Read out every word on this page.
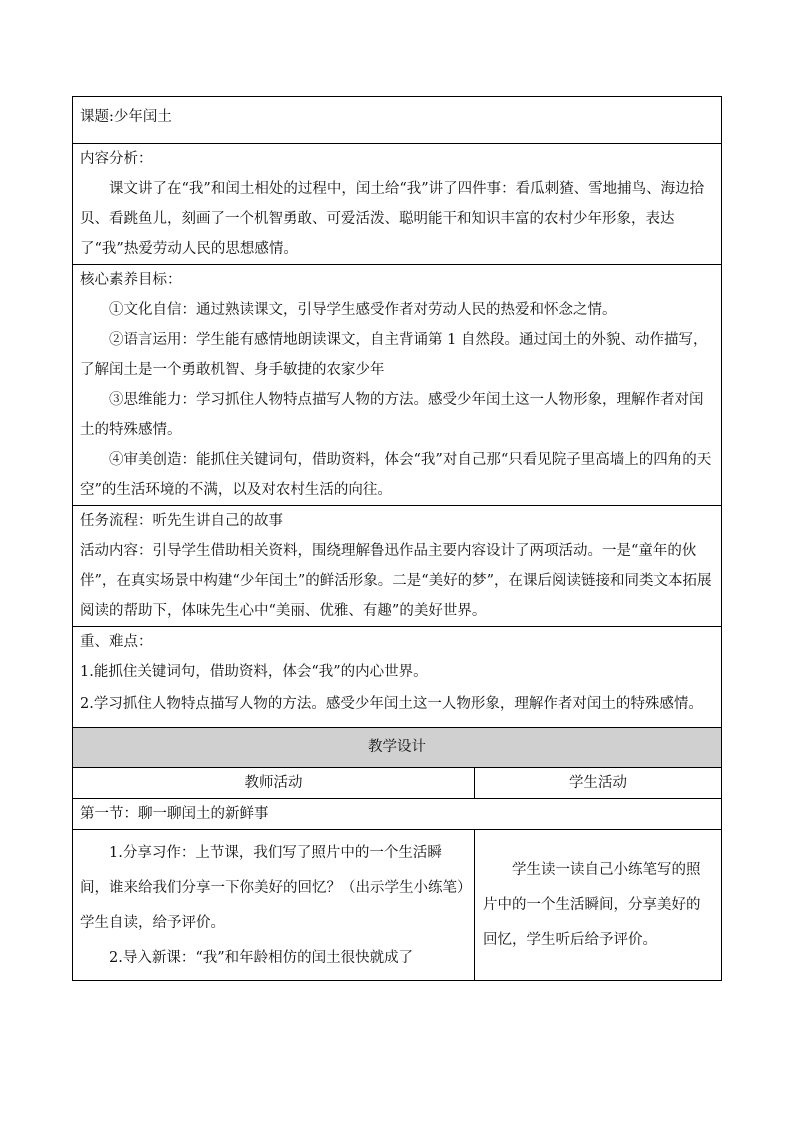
课题:少年闰土	

内容分析：

课文讲了在“我”和闰土相处的过程中，闰土给“我”讲了四件事：看瓜刺猹、雪地捕鸟、海边拾贝、看跳鱼儿，刻画了一个机智勇敢、可爱活泼、聪明能干和知识丰富的农村少年形象，表达了“我”热爱劳动人民的思想感情。	

核心素养目标：

①文化自信：通过熟读课文，引导学生感受作者对劳动人民的热爱和怀念之情。

②语言运用：学生能有感情地朗读课文，自主背诵第 1 自然段。通过闰土的外貌、动作描写，了解闰土是一个勇敢机智、身手敏捷的农家少年

③思维能力：学习抓住人物特点描写人物的方法。感受少年闰土这一人物形象，理解作者对闰土的特殊感情。

④审美创造：能抓住关键词句，借助资料，体会“我”对自己那“只看见院子里高墙上的四角的天空”的生活环境的不满，以及对农村生活的向往。	

任务流程：听先生讲自己的故事

活动内容：引导学生借助相关资料，围绕理解鲁迅作品主要内容设计了两项活动。一是“童年的伙伴”，在真实场景中构建“少年闰土”的鲜活形象。二是“美好的梦”，在课后阅读链接和同类文本拓展阅读的帮助下，体味先生心中“美丽、优雅、有趣”的美好世界。	

重、难点：

1.能抓住关键词句，借助资料，体会“我”的内心世界。

2.学习抓住人物特点描写人物的方法。感受少年闰土这一人物形象，理解作者对闰土的特殊感情。	

教学设计	
教师活动	学生活动
第一节：聊一聊闰土的新鲜事	

1.分享习作：上节课，我们写了照片中的一个生活瞬间，谁来给我们分享一下你美好的回忆？（出示学生小练笔）学生自读，给予评价。

2.导入新课：“我”和年龄相仿的闰土很快就成了	学生读一读自己小练笔写的照片中的一个生活瞬间，分享美好的回忆，学生听后给予评价。
